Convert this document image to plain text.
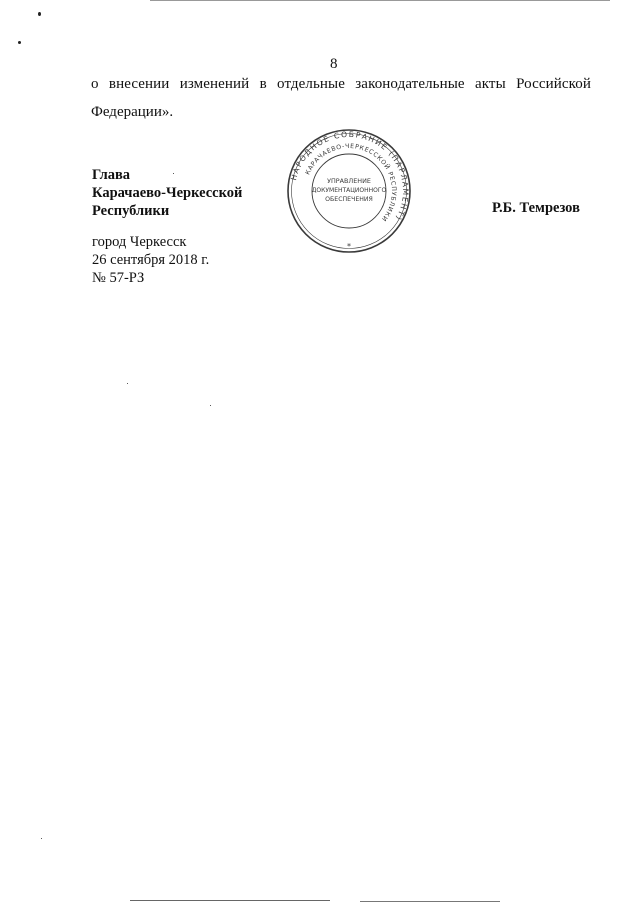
8
о внесении изменений в отдельные законодательные акты Российской
Федерации».
Глава
Карачаево-Черкесской
Республики	Р.Б. Темрезов
город Черкесск
26 сентября 2018 г.
№ 57-РЗ
НАРОДНОЕ СОБРАНИЕ (ПАРЛАМЕНТ)
КАРАЧАЕВО-ЧЕРКЕССКОЙ РЕСПУБЛИКИ
УПРАВЛЕНИЕ
ДОКУМЕНТАЦИОННОГО
ОБЕСПЕЧЕНИЯ
*
